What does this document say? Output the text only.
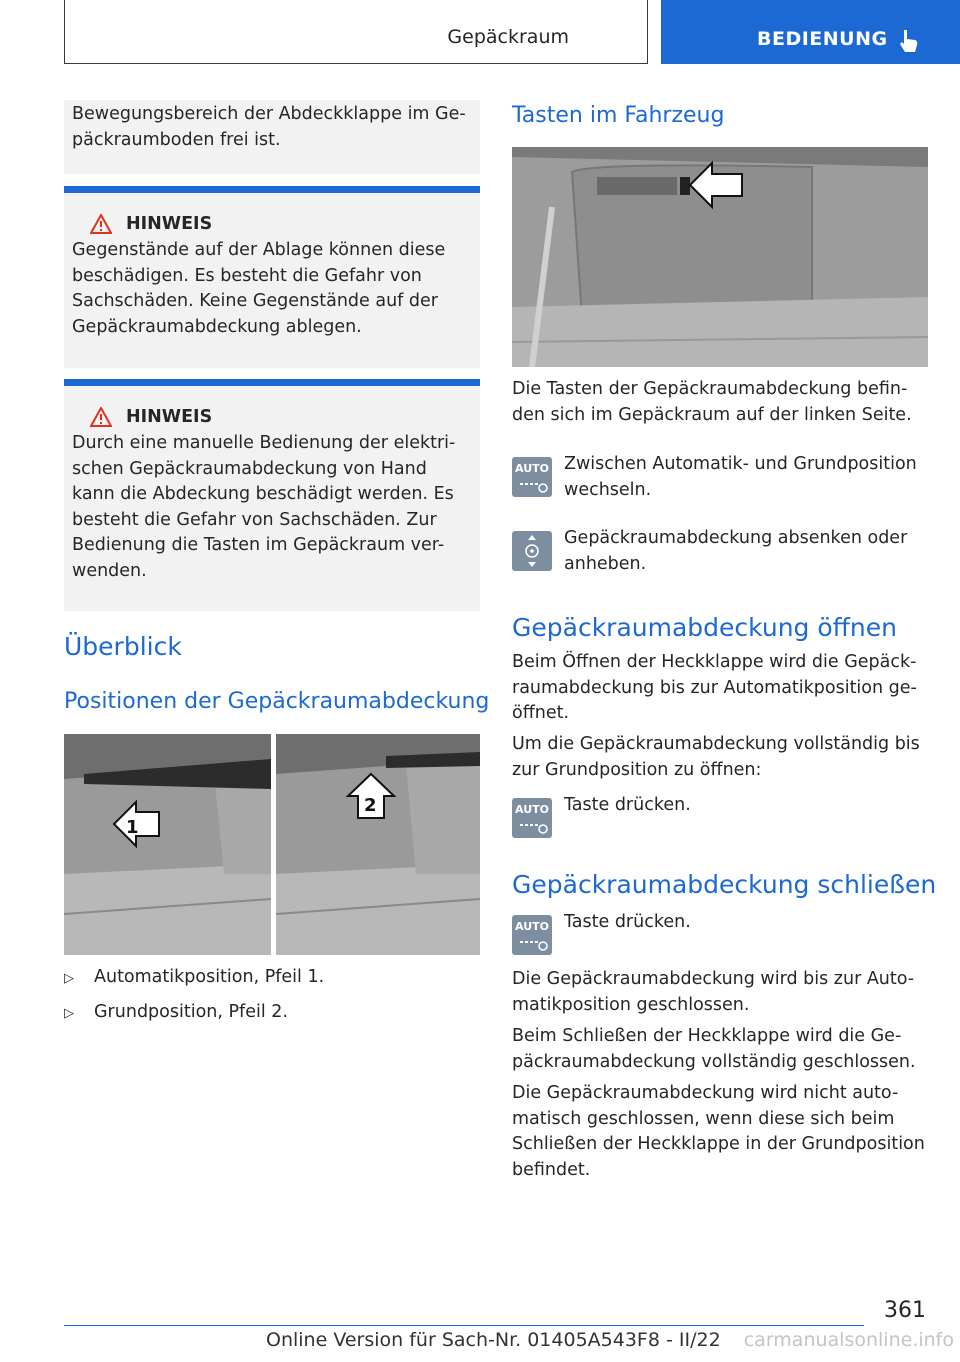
Gepäckraum	BEDIENUNG

Bewegungsbereich der Abdeckklappe im Ge-päckraumboden frei ist.

HINWEIS

Gegenstände auf der Ablage können diese beschädigen. Es besteht die Gefahr von Sachschäden. Keine Gegenstände auf der Gepäckraumabdeckung ablegen.

HINWEIS

Durch eine manuelle Bedienung der elektri-schen Gepäckraumabdeckung von Hand kann die Abdeckung beschädigt werden. Es besteht die Gefahr von Sachschäden. Zur Bedienung die Tasten im Gepäckraum ver-wenden.

Überblick
Positionen der Gepäckraumabdeckung
1
2
▷ Automatikposition, Pfeil 1.
▷ Grundposition, Pfeil 2.
Tasten im Fahrzeug

Die Tasten der Gepäckraumabdeckung befin-den sich im Gepäckraum auf der linken Seite.

AUTO Zwischen Automatik- und Grundposition wechseln.

Gepäckraumabdeckung absenken oder anheben.

Gepäckraumabdeckung öffnen

Beim Öffnen der Heckklappe wird die Gepäck-raumabdeckung bis zur Automatikposition ge-öffnet.

Um die Gepäckraumabdeckung vollständig bis zur Grundposition zu öffnen:

AUTO Taste drücken.

Gepäckraumabdeckung schließen
AUTO Taste drücken.

Die Gepäckraumabdeckung wird bis zur Auto-matikposition geschlossen.

Beim Schließen der Heckklappe wird die Ge-päckraumabdeckung vollständig geschlossen.

Die Gepäckraumabdeckung wird nicht auto-matisch geschlossen, wenn diese sich beim Schließen der Heckklappe in der Grundposition befindet.

361
Online Version für Sach-Nr. 01405A543F8 - II/22 carmanualsonline.info
